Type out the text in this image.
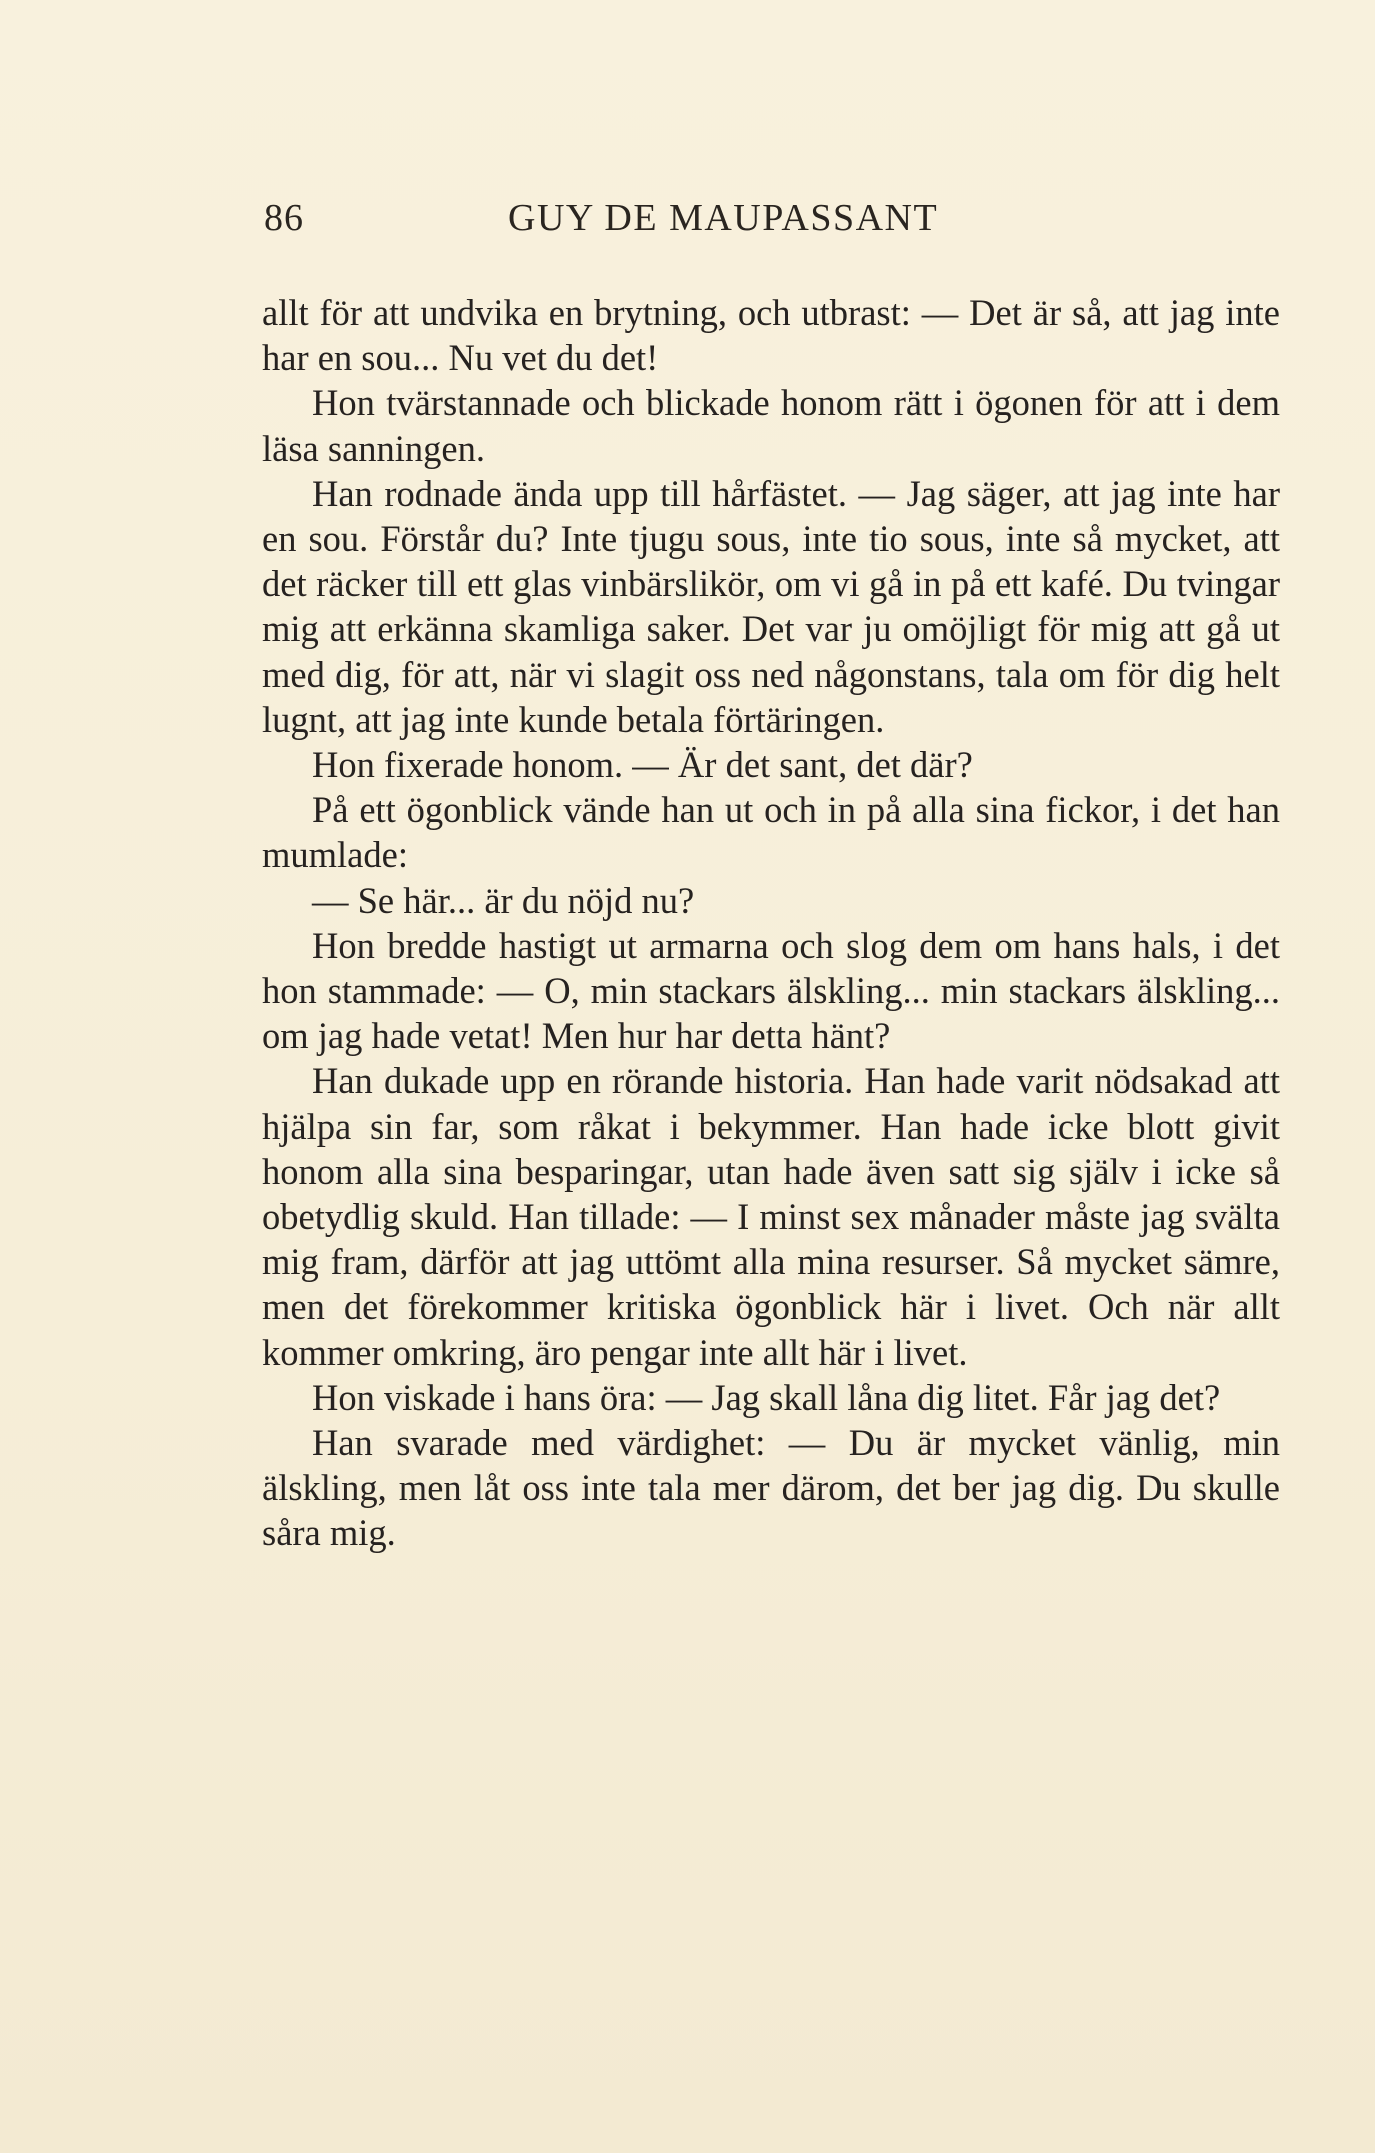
86	GUY DE MAUPASSANT

allt för att undvika en brytning, och utbrast: — Det är så, att jag inte har en sou... Nu vet du det!

Hon tvärstannade och blickade honom rätt i ögonen för att i dem läsa sanningen.

Han rodnade ända upp till hårfästet. — Jag säger, att jag inte har en sou. Förstår du? Inte tjugu sous, inte tio sous, inte så mycket, att det räcker till ett glas vinbärslikör, om vi gå in på ett kafé. Du tvingar mig att erkänna skamliga saker. Det var ju omöjligt för mig att gå ut med dig, för att, när vi slagit oss ned någonstans, tala om för dig helt lugnt, att jag inte kunde betala förtäringen.

Hon fixerade honom. — Är det sant, det där?

På ett ögonblick vände han ut och in på alla sina fickor, i det han mumlade:

— Se här... är du nöjd nu?

Hon bredde hastigt ut armarna och slog dem om hans hals, i det hon stammade: — O, min stackars älskling... min stackars älskling... om jag hade vetat! Men hur har detta hänt?

Han dukade upp en rörande historia. Han hade varit nödsakad att hjälpa sin far, som råkat i bekymmer. Han hade icke blott givit honom alla sina besparingar, utan hade även satt sig själv i icke så obetydlig skuld. Han tillade: — I minst sex månader måste jag svälta mig fram, därför att jag uttömt alla mina resurser. Så mycket sämre, men det förekommer kritiska ögonblick här i livet. Och när allt kommer omkring, äro pengar inte allt här i livet.

Hon viskade i hans öra: — Jag skall låna dig litet. Får jag det?

Han svarade med värdighet: — Du är mycket vänlig, min älskling, men låt oss inte tala mer därom, det ber jag dig. Du skulle såra mig.
